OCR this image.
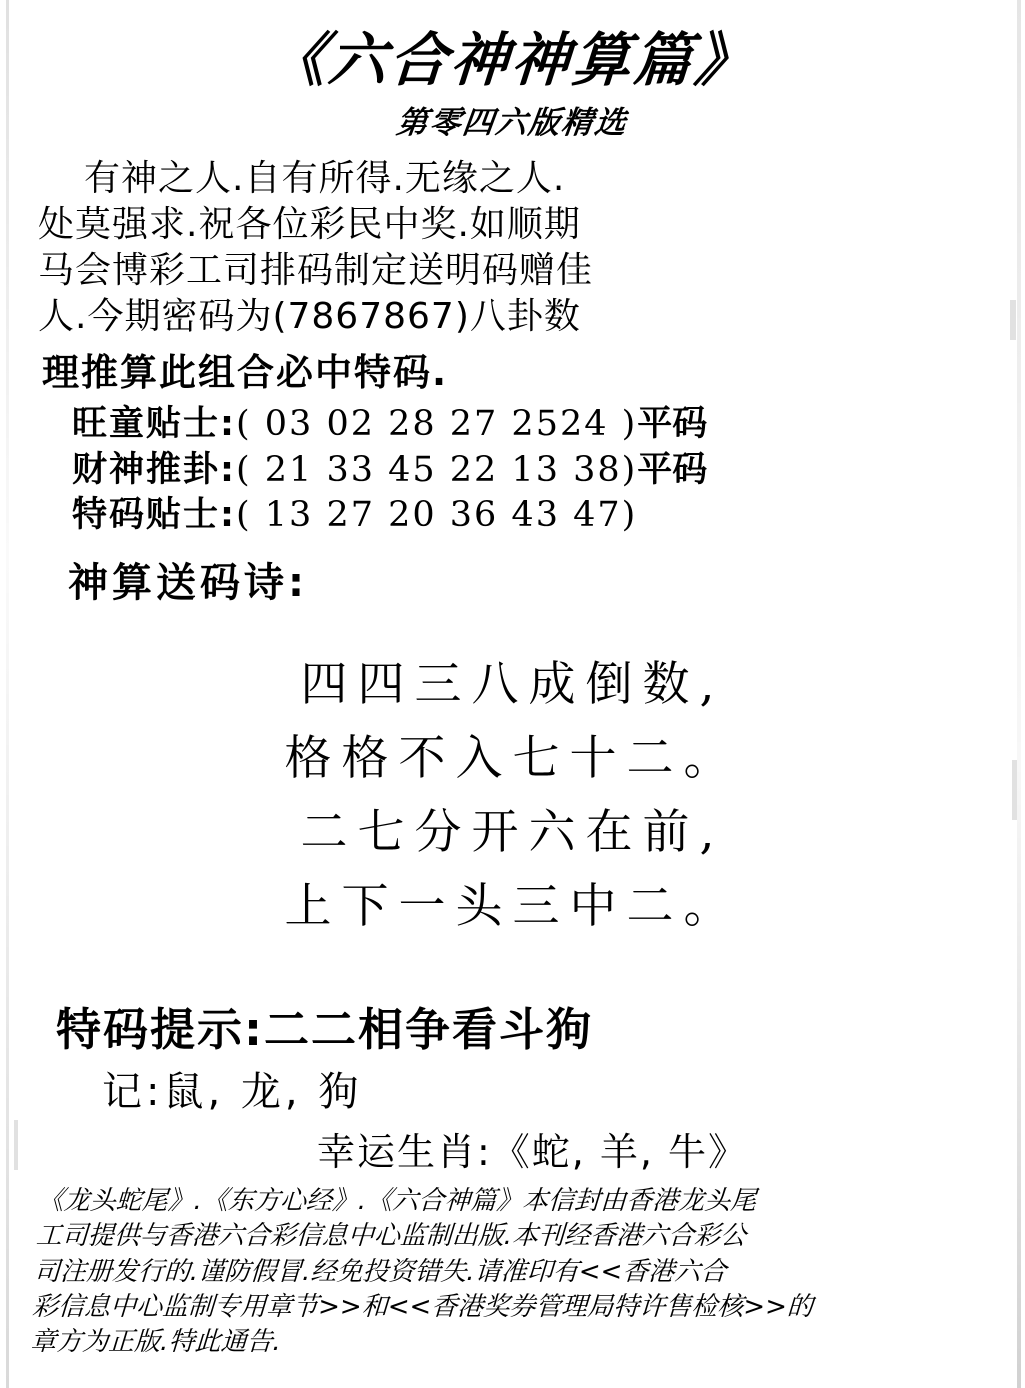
《六合神神算篇》
第零四六版精选
有神之人.自有所得.无缘之人.
处莫强求.祝各位彩民中奖.如顺期
马会博彩工司排码制定送明码赠佳
人.今期密码为(7867867)八卦数
理推算此组合必中特码.
旺童贴士:( 03 02 28 27 2524 )平码
财神推卦:( 21 33 45 22 13 38)平码
特码贴士:( 13 27 20 36 43 47)
神算送码诗:
四四三八成倒数,
格格不入七十二。
二七分开六在前,
上下一头三中二。
特码提示:二二相争看斗狗
记:鼠, 龙, 狗
幸运生肖:《蛇, 羊, 牛》
《龙头蛇尾》.《东方心经》.《六合神篇》本信封由香港龙头尾
工司提供与香港六合彩信息中心监制出版.本刊经香港六合彩公
司注册发行的.谨防假冒.经免投资错失.请准印有<<香港六合
彩信息中心监制专用章节>>和<<香港奖券管理局特许售检核>>的
章方为正版.特此通告.
